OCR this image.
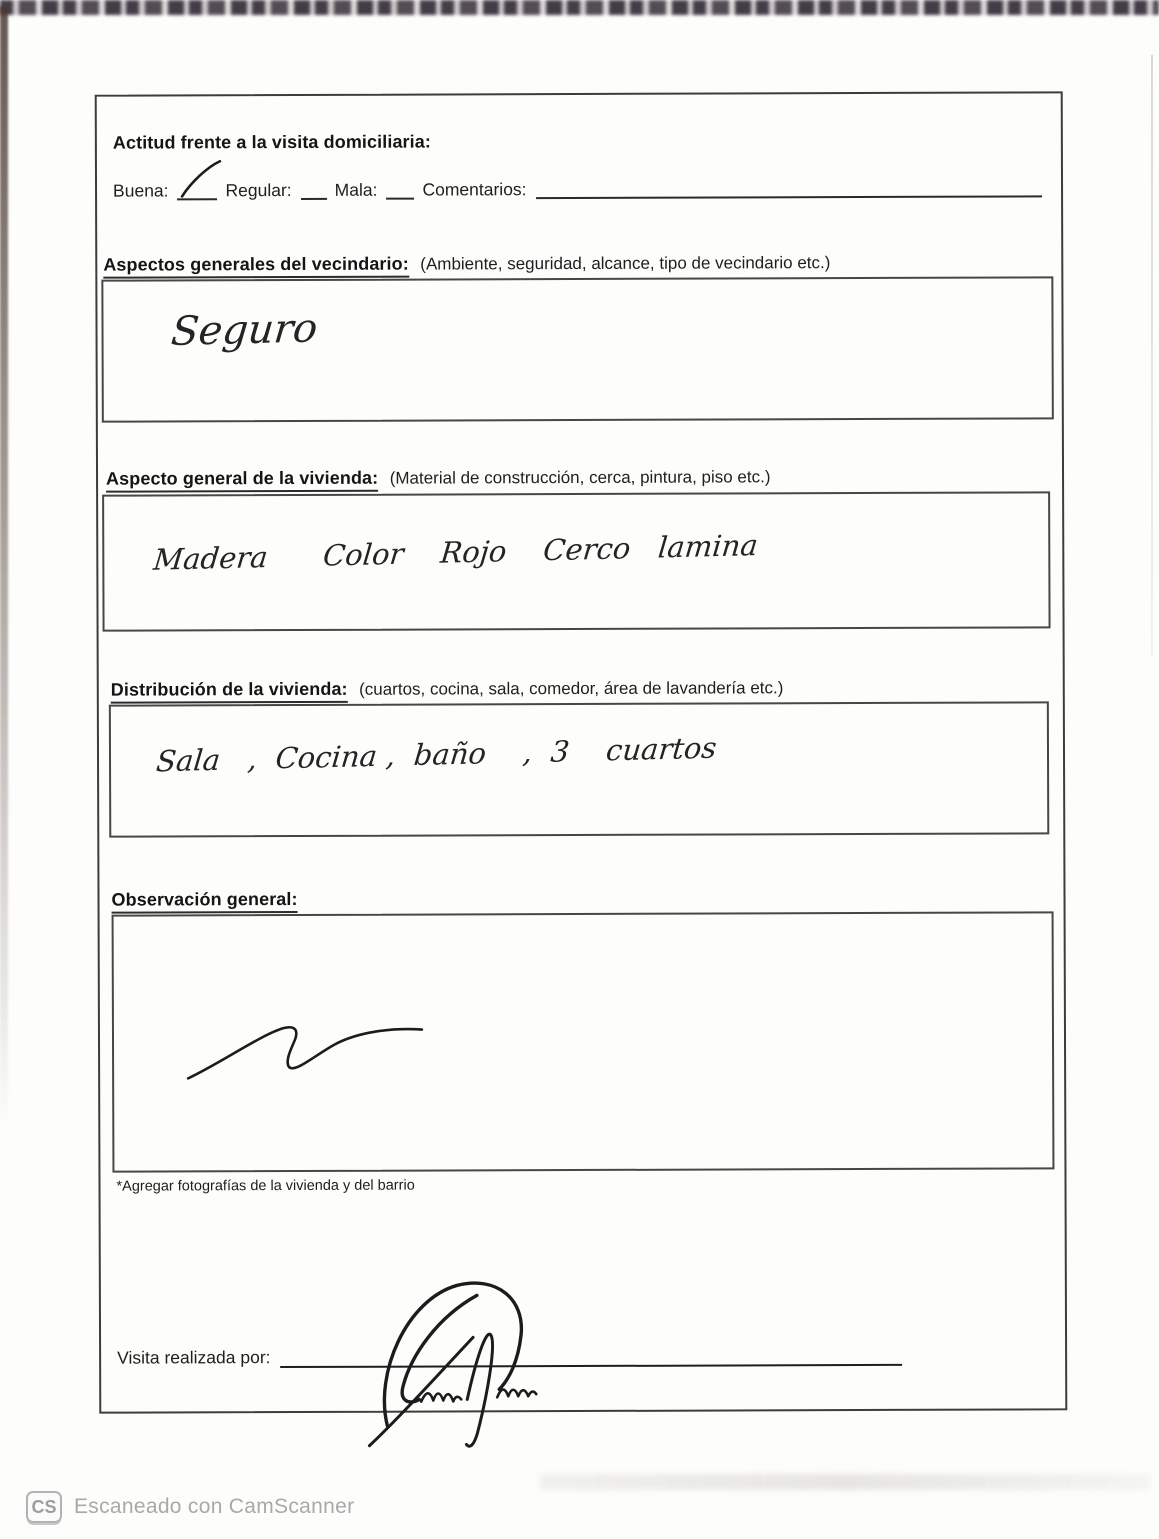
Actitud frente a la visita domiciliaria:
Buena:	Regular: Mala:	Comentarios:
Aspectos generales del vecindario: (Ambiente, seguridad, alcance, tipo de vecindario etc.)
Seguro
Aspecto general de la vivienda: (Material de construcción, cerca, pintura, piso etc.)
Madera      Color    Rojo    Cerco   lamina
Distribución de la vivienda: (cuartos, cocina, sala, comedor, área de lavandería etc.)
Sala   ,  Cocina ,  baño    ,  3    cuartos
Observación general:
*Agregar fotografías de la vivienda y del barrio
Visita realizada por:
CS Escaneado con CamScanner
